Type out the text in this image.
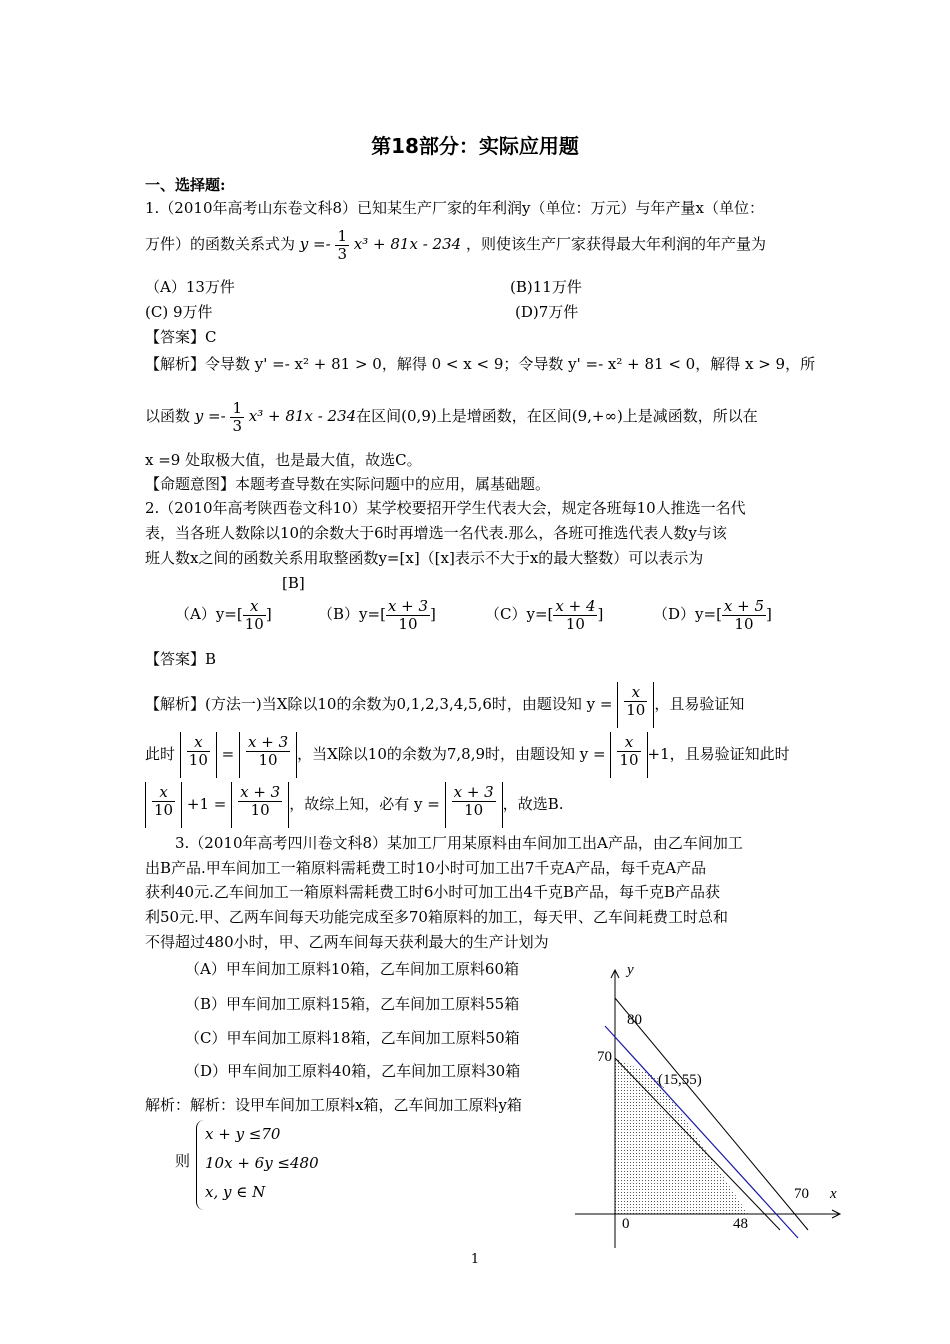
第18部分：实际应用题
一、选择题:
1.（2010年高考山东卷文科8）已知某生产厂家的年利润y（单位：万元）与年产量x（单位：
万件）的函数关系式为 $y =- \frac{1}{3} x^3 + 81x - 234$ ，则使该生产厂家获得最大年利润的年产量为
（A）13万件	(B)11万件
(C) 9万件	(D)7万件
【答案】C
【解析】令导数 y' =- x² + 81 > 0，解得 0 < x < 9；令导数 y' =- x² + 81 < 0，解得 x > 9，所
以函数 $y =- \frac{1}{3} x^3 + 81x - 234$在区间(0,9)上是增函数，在区间(9,+∞)上是减函数，所以在
x =9 处取极大值，也是最大值，故选C。
【命题意图】本题考查导数在实际问题中的应用，属基础题。
2.（2010年高考陕西卷文科10）某学校要招开学生代表大会，规定各班每10人推选一名代
表，当各班人数除以10的余数大于6时再增选一名代表.那么，各班可推选代表人数y与该
班人数x之间的函数关系用取整函数y=[x]（[x]表示不大于x的最大整数）可以表示为
[B]
$(A)y=[ \frac{x}{10}$ ]	$(B)y=[ \frac{x + 3}{10}$ ]	$(C)y=[ \frac{x + 4}{10}$ ]	$(D)y=[ \frac{x + 5}{10}$ ]
【答案】B
【解析】(方法一)当X除以10的余数为0,1,2,3,4,5,6时，由题设知 $y = \frac{x}{10}$ ，且易验证知
此时 $\frac{x}{10} = \frac{x + 3}{10}$ ，当X除以10的余数为7,8,9时，由题设知 $y = \frac{x}{10} +1$，且易验证知此时
$\frac{x}{10} +1 = \frac{x + 3}{10}$ ，故综上知，必有 $y = \frac{x + 3}{10}$ ，故选B.
3.（2010年高考四川卷文科8）某加工厂用某原料由车间加工出A产品，由乙车间加工
出B产品.甲车间加工一箱原料需耗费工时10小时可加工出7千克A产品，每千克A产品
获利40元.乙车间加工一箱原料需耗费工时6小时可加工出4千克B产品，每千克B产品获
利50元.甲、乙两车间每天功能完成至多70箱原料的加工，每天甲、乙车间耗费工时总和
不得超过480小时，甲、乙两车间每天获利最大的生产计划为
（A）甲车间加工原料10箱，乙车间加工原料60箱
（B）甲车间加工原料15箱，乙车间加工原料55箱
（C）甲车间加工原料18箱，乙车间加工原料50箱
（D）甲车间加工原料40箱，乙车间加工原料30箱
解析：解析：设甲车间加工原料x箱，乙车间加工原料y箱
则
x + y ≤70
10x + 6y ≤480
x, y ∈ N
y
x
80
70
70
48
0
(15,55)
1
